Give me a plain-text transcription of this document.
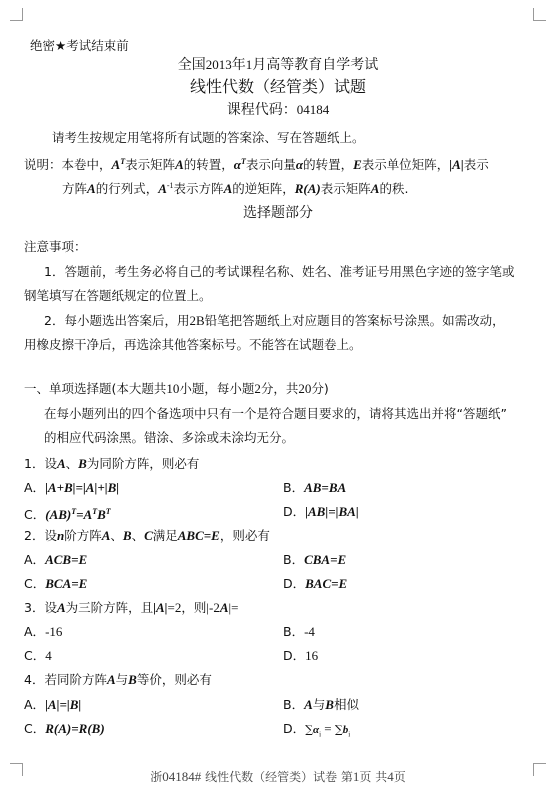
绝密★考试结束前
全国2013年1月高等教育自学考试
线性代数（经管类）试题
课程代码：04184
请考生按规定用笔将所有试题的答案涂、写在答题纸上。
说明：本卷中，$A^T$表示矩阵A的转置，$\alpha^T$表示向量α的转置，E表示单位矩阵，|A|表示
方阵A的行列式，$A^{-1}$表示方阵A的逆矩阵，R(A)表示矩阵A的秩.
选择题部分
注意事项：
1．答题前，考生务必将自己的考试课程名称、姓名、准考证号用黑色字迹的签字笔或
钢笔填写在答题纸规定的位置上。
2．每小题选出答案后，用2B铅笔把答题纸上对应题目的答案标号涂黑。如需改动，
用橡皮擦干净后，再选涂其他答案标号。不能答在试题卷上。
一、单项选择题(本大题共10小题，每小题2分，共20分)
在每小题列出的四个备选项中只有一个是符合题目要求的，请将其选出并将“答题纸”
的相应代码涂黑。错涂、多涂或未涂均无分。
1．设A、B为同阶方阵，则必有
A．|A+B|=|A|+|B|	B．AB=BA
C．$(AB)^T=A^TB^T$	D．|AB|=|BA|
2．设n阶方阵A、B、C满足ABC=E，则必有
A．ACB=E	B．CBA=E
C．BCA=E	D．BAC=E
3．设A为三阶方阵，且|A|=2，则|-2A|=
A．-16	B．-4
C．4	D．16
4．若同阶方阵A与B等价，则必有
A．|A|=|B|	B．A与B相似
C．R(A)=R(B)	D．$\sum\alpha_i = \sum b_i$
浙04184# 线性代数（经管类）试卷 第1页 共4页
